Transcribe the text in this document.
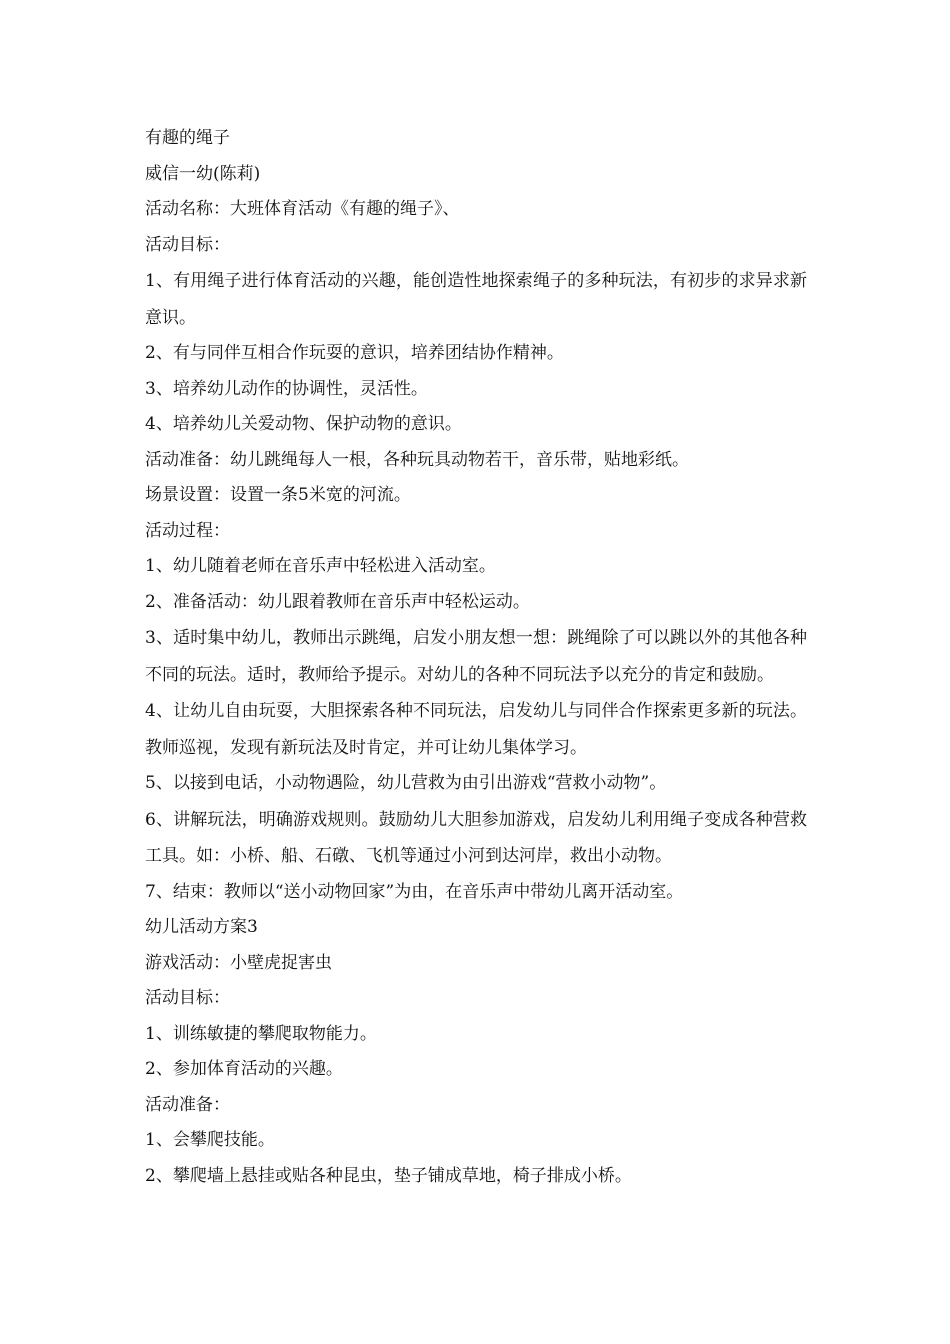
有趣的绳子
威信一幼(陈莉)
活动名称：大班体育活动《有趣的绳子》、
活动目标：
1、有用绳子进行体育活动的兴趣，能创造性地探索绳子的多种玩法，有初步的求异求新意识。
2、有与同伴互相合作玩耍的意识，培养团结协作精神。
3、培养幼儿动作的协调性，灵活性。
4、培养幼儿关爱动物、保护动物的意识。
活动准备：幼儿跳绳每人一根，各种玩具动物若干，音乐带，贴地彩纸。
场景设置：设置一条5米宽的河流。
活动过程：
1、幼儿随着老师在音乐声中轻松进入活动室。
2、准备活动：幼儿跟着教师在音乐声中轻松运动。
3、适时集中幼儿，教师出示跳绳，启发小朋友想一想：跳绳除了可以跳以外的其他各种不同的玩法。适时，教师给予提示。对幼儿的各种不同玩法予以充分的肯定和鼓励。
4、让幼儿自由玩耍，大胆探索各种不同玩法，启发幼儿与同伴合作探索更多新的玩法。教师巡视，发现有新玩法及时肯定，并可让幼儿集体学习。
5、以接到电话，小动物遇险，幼儿营救为由引出游戏“营救小动物”。
6、讲解玩法，明确游戏规则。鼓励幼儿大胆参加游戏，启发幼儿利用绳子变成各种营救工具。如：小桥、船、石礅、飞机等通过小河到达河岸，救出小动物。
7、结束：教师以“送小动物回家”为由，在音乐声中带幼儿离开活动室。
幼儿活动方案3
游戏活动：小壁虎捉害虫
活动目标：
1、训练敏捷的攀爬取物能力。
2、参加体育活动的兴趣。
活动准备：
1、会攀爬技能。
2、攀爬墙上悬挂或贴各种昆虫，垫子铺成草地，椅子排成小桥。
